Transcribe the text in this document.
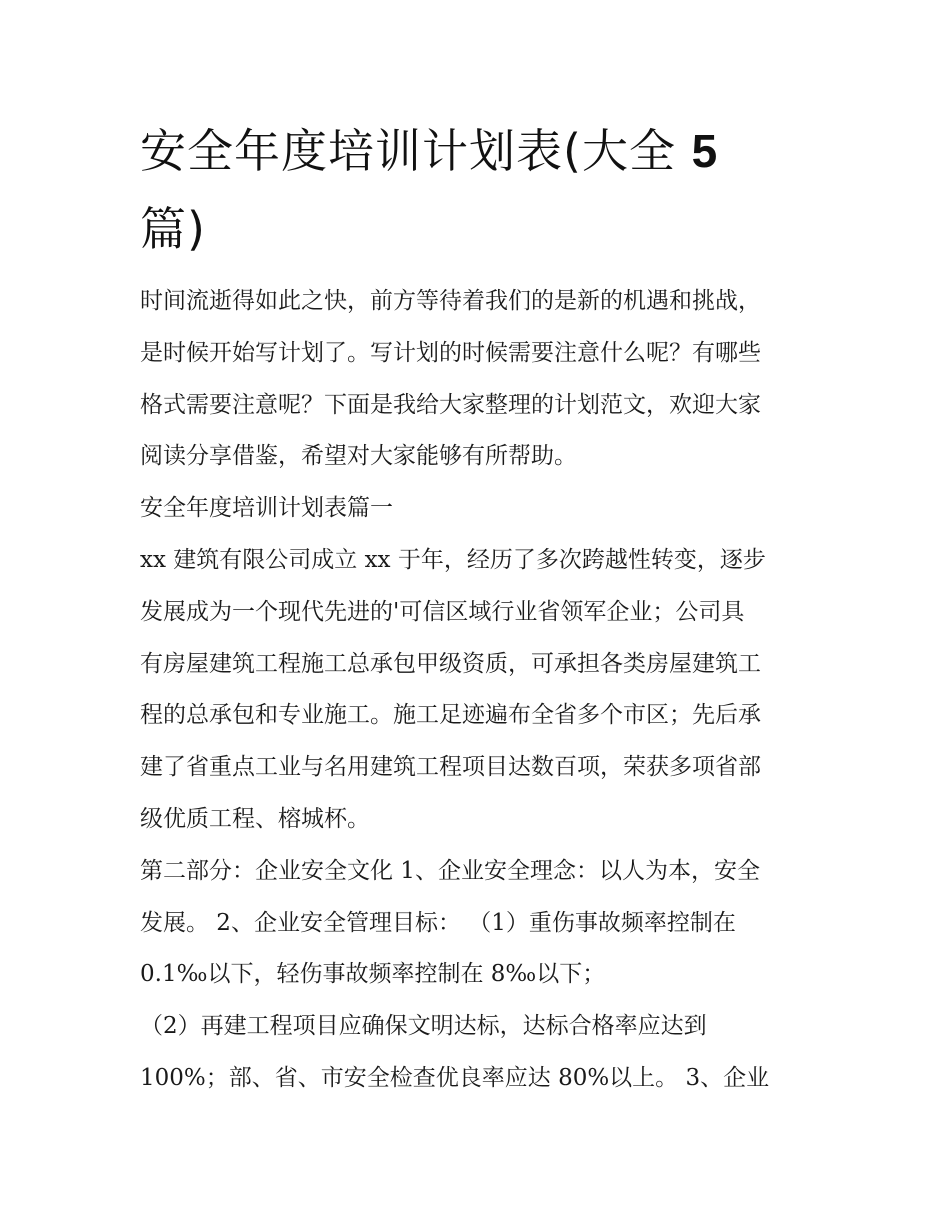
安全年度培训计划表(大全 5
篇)

时间流逝得如此之快，前方等待着我们的是新的机遇和挑战，
是时候开始写计划了。写计划的时候需要注意什么呢？有哪些
格式需要注意呢？下面是我给大家整理的计划范文，欢迎大家
阅读分享借鉴，希望对大家能够有所帮助。

安全年度培训计划表篇一

xx 建筑有限公司成立 xx 于年，经历了多次跨越性转变，逐步
发展成为一个现代先进的'可信区域行业省领军企业；公司具
有房屋建筑工程施工总承包甲级资质，可承担各类房屋建筑工
程的总承包和专业施工。施工足迹遍布全省多个市区；先后承
建了省重点工业与名用建筑工程项目达数百项，荣获多项省部
级优质工程、榕城杯。

第二部分：企业安全文化 1、企业安全理念：以人为本，安全
发展。 2、企业安全管理目标： （1）重伤事故频率控制在
0.1‰以下，轻伤事故频率控制在 8‰以下；

（2）再建工程项目应确保文明达标，达标合格率应达到
100%；部、省、市安全检查优良率应达 80%以上。 3、企业
